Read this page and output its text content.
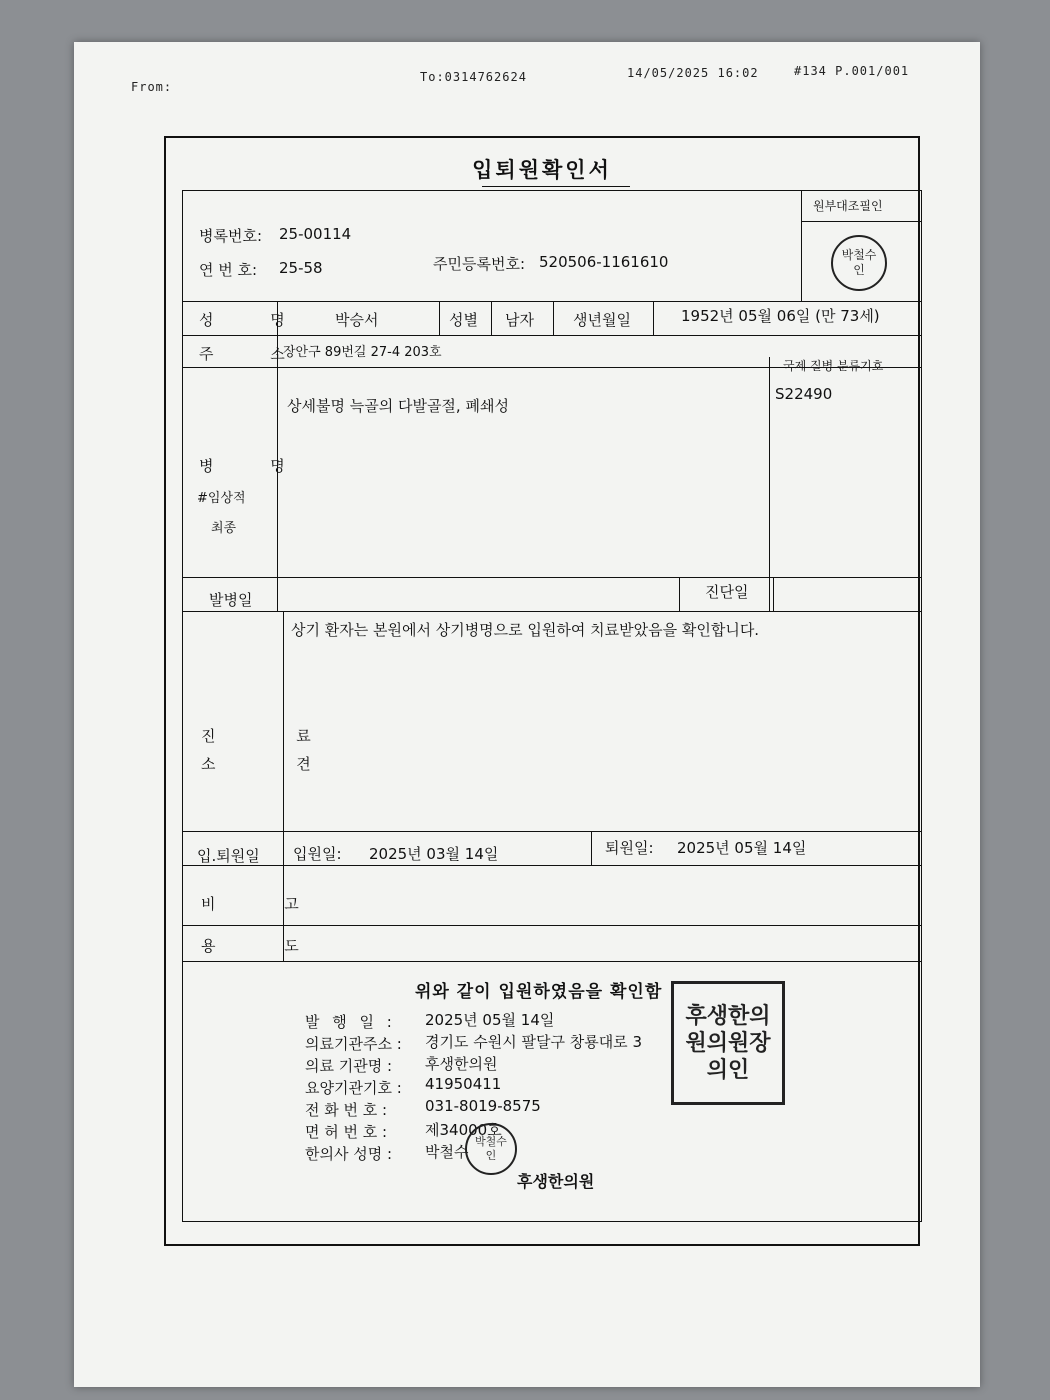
From:
To:0314762624	14/05/2025 16:02	#134 P.001/001
입퇴원확인서
원부대조필인
박철수인
병록번호: 25-00114
연 번 호: 25-58	주민등록번호: 520506-1161610
성 명 박승서	성별 남자	생년월일	1952년 05월 06일 (만 73세)
주 소
장안구 89번길 27-4 203호
병 명
#임상적
최종
상세불명 늑골의 다발골절, 폐쇄성
국제 질병 분류기호
S22490
발병일	진단일
진 료
소 견
상기 환자는 본원에서 상기병명으로 입원하여 치료받았음을 확인합니다.
입.퇴원일 입원일: 2025년 03월 14일	퇴원일: 2025년 05월 14일
비 고
용 도
위와 같이 입원하였음을 확인함
발 행 일 : 2025년 05월 14일
의료기관주소 : 경기도 수원시 팔달구 창룡대로 3
의료 기관명 : 후생한의원
요양기관기호 : 41950411
전 화 번 호 :	031-8019-8575
면 허 번 호 :	제34000호
한의사 성명 : 박철수
박철수인
후생한의원
후생한의원의원장의인
